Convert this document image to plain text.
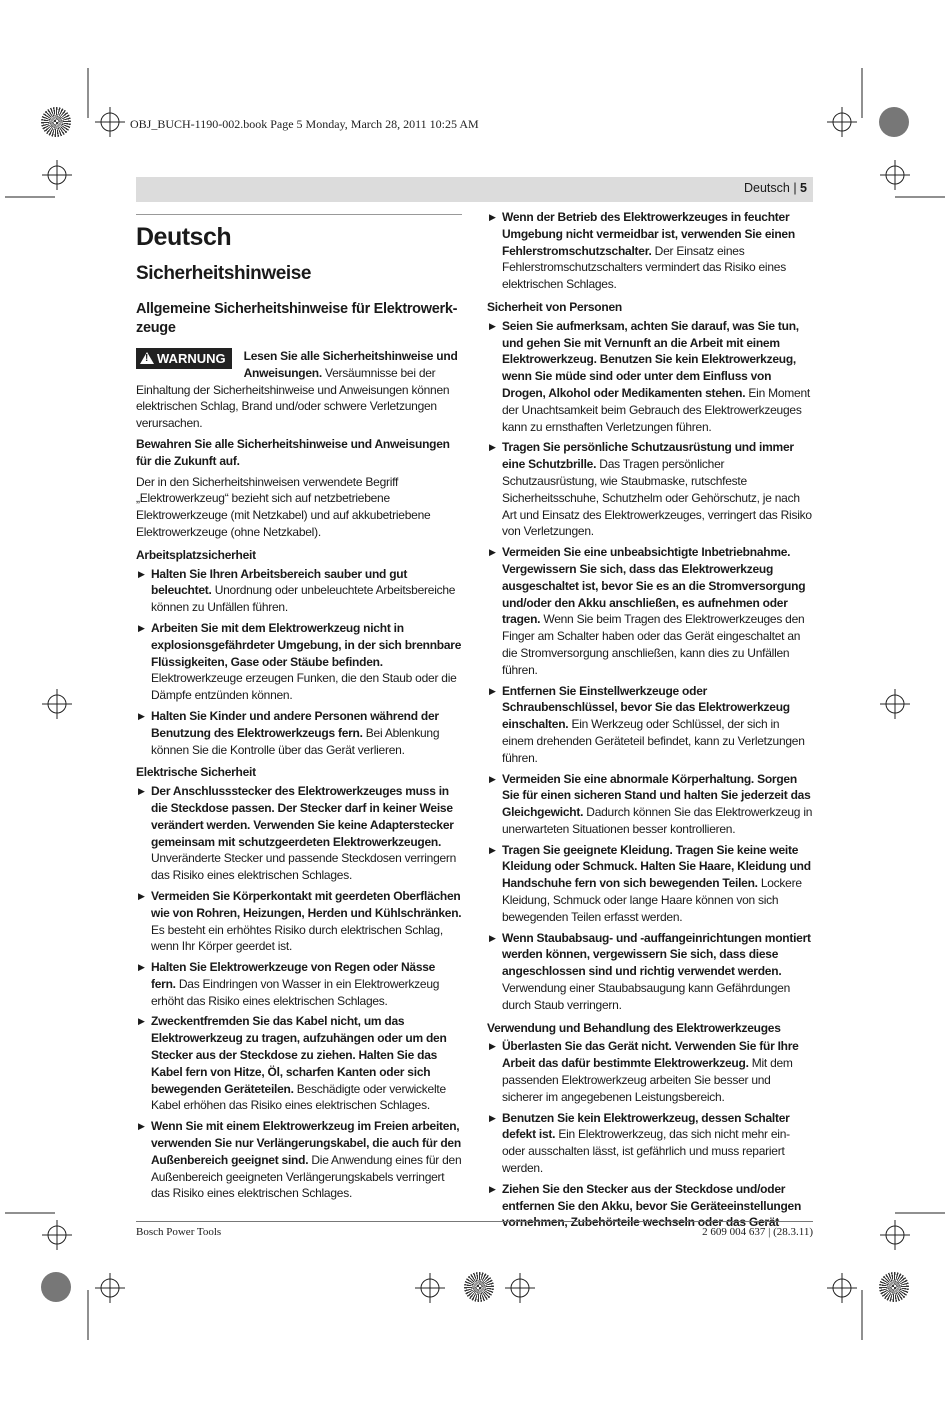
OBJ_BUCH-1190-002.book Page 5 Monday, March 28, 2011 10:25 AM
Deutsch | 5
Deutsch
Sicherheitshinweise
Allgemeine Sicherheitshinweise für Elektrowerk-zeuge

!WARNUNG	Lesen Sie alle Sicherheitshinweise und Anweisungen. Versäumnisse bei der Einhaltung der Sicherheitshinweise und Anweisungen können elektrischen Schlag, Brand und/oder schwere Verletzungen verursachen.

Bewahren Sie alle Sicherheitshinweise und Anweisungen für die Zukunft auf.

Der in den Sicherheitshinweisen verwendete Begriff „Elektrowerkzeug“ bezieht sich auf netzbetriebene Elektrowerkzeuge (mit Netzkabel) und auf akkubetriebene Elektrowerkzeuge (ohne Netzkabel).

Arbeitsplatzsicherheit
▶ Halten Sie Ihren Arbeitsbereich sauber und gut beleuchtet. Unordnung oder unbeleuchtete Arbeitsbereiche können zu Unfällen führen.
▶ Arbeiten Sie mit dem Elektrowerkzeug nicht in explosionsgefährdeter Umgebung, in der sich brennbare Flüssigkeiten, Gase oder Stäube befinden. Elektrowerkzeuge erzeugen Funken, die den Staub oder die Dämpfe entzünden können.
▶ Halten Sie Kinder und andere Personen während der Benutzung des Elektrowerkzeugs fern. Bei Ablenkung können Sie die Kontrolle über das Gerät verlieren.
Elektrische Sicherheit
▶ Der Anschlussstecker des Elektrowerkzeuges muss in die Steckdose passen. Der Stecker darf in keiner Weise verändert werden. Verwenden Sie keine Adapterstecker gemeinsam mit schutzgeerdeten Elektrowerkzeugen. Unveränderte Stecker und passende Steckdosen verringern das Risiko eines elektrischen Schlages.
▶ Vermeiden Sie Körperkontakt mit geerdeten Oberflächen wie von Rohren, Heizungen, Herden und Kühlschränken. Es besteht ein erhöhtes Risiko durch elektrischen Schlag, wenn Ihr Körper geerdet ist.
▶ Halten Sie Elektrowerkzeuge von Regen oder Nässe fern. Das Eindringen von Wasser in ein Elektrowerkzeug erhöht das Risiko eines elektrischen Schlages.
▶ Zweckentfremden Sie das Kabel nicht, um das Elektrowerkzeug zu tragen, aufzuhängen oder um den Stecker aus der Steckdose zu ziehen. Halten Sie das Kabel fern von Hitze, Öl, scharfen Kanten oder sich bewegenden Geräteteilen. Beschädigte oder verwickelte Kabel erhöhen das Risiko eines elektrischen Schlages.
▶ Wenn Sie mit einem Elektrowerkzeug im Freien arbeiten, verwenden Sie nur Verlängerungskabel, die auch für den Außenbereich geeignet sind. Die Anwendung eines für den Außenbereich geeigneten Verlängerungskabels verringert das Risiko eines elektrischen Schlages.
▶ Wenn der Betrieb des Elektrowerkzeuges in feuchter Umgebung nicht vermeidbar ist, verwenden Sie einen Fehlerstromschutzschalter. Der Einsatz eines Fehlerstromschutzschalters vermindert das Risiko eines elektrischen Schlages.
Sicherheit von Personen
▶ Seien Sie aufmerksam, achten Sie darauf, was Sie tun, und gehen Sie mit Vernunft an die Arbeit mit einem Elektrowerkzeug. Benutzen Sie kein Elektrowerkzeug, wenn Sie müde sind oder unter dem Einfluss von Drogen, Alkohol oder Medikamenten stehen. Ein Moment der Unachtsamkeit beim Gebrauch des Elektrowerkzeuges kann zu ernsthaften Verletzungen führen.
▶ Tragen Sie persönliche Schutzausrüstung und immer eine Schutzbrille. Das Tragen persönlicher Schutzausrüstung, wie Staubmaske, rutschfeste Sicherheitsschuhe, Schutzhelm oder Gehörschutz, je nach Art und Einsatz des Elektrowerkzeuges, verringert das Risiko von Verletzungen.
▶ Vermeiden Sie eine unbeabsichtigte Inbetriebnahme. Vergewissern Sie sich, dass das Elektrowerkzeug ausgeschaltet ist, bevor Sie es an die Stromversorgung und/oder den Akku anschließen, es aufnehmen oder tragen. Wenn Sie beim Tragen des Elektrowerkzeuges den Finger am Schalter haben oder das Gerät eingeschaltet an die Stromversorgung anschließen, kann dies zu Unfällen führen.
▶ Entfernen Sie Einstellwerkzeuge oder Schraubenschlüssel, bevor Sie das Elektrowerkzeug einschalten. Ein Werkzeug oder Schlüssel, der sich in einem drehenden Geräteteil befindet, kann zu Verletzungen führen.
▶ Vermeiden Sie eine abnormale Körperhaltung. Sorgen Sie für einen sicheren Stand und halten Sie jederzeit das Gleichgewicht. Dadurch können Sie das Elektrowerkzeug in unerwarteten Situationen besser kontrollieren.
▶ Tragen Sie geeignete Kleidung. Tragen Sie keine weite Kleidung oder Schmuck. Halten Sie Haare, Kleidung und Handschuhe fern von sich bewegenden Teilen. Lockere Kleidung, Schmuck oder lange Haare können von sich bewegenden Teilen erfasst werden.
▶ Wenn Staubabsaug- und -auffangeinrichtungen montiert werden können, vergewissern Sie sich, dass diese angeschlossen sind und richtig verwendet werden. Verwendung einer Staubabsaugung kann Gefährdungen durch Staub verringern.
Verwendung und Behandlung des Elektrowerkzeuges
▶ Überlasten Sie das Gerät nicht. Verwenden Sie für Ihre Arbeit das dafür bestimmte Elektrowerkzeug. Mit dem passenden Elektrowerkzeug arbeiten Sie besser und sicherer im angegebenen Leistungsbereich.
▶ Benutzen Sie kein Elektrowerkzeug, dessen Schalter defekt ist. Ein Elektrowerkzeug, das sich nicht mehr ein- oder ausschalten lässt, ist gefährlich und muss repariert werden.
▶ Ziehen Sie den Stecker aus der Steckdose und/oder entfernen Sie den Akku, bevor Sie Geräteeinstellungen vornehmen, Zubehörteile wechseln oder das Gerät
Bosch Power Tools	2 609 004 637 | (28.3.11)
